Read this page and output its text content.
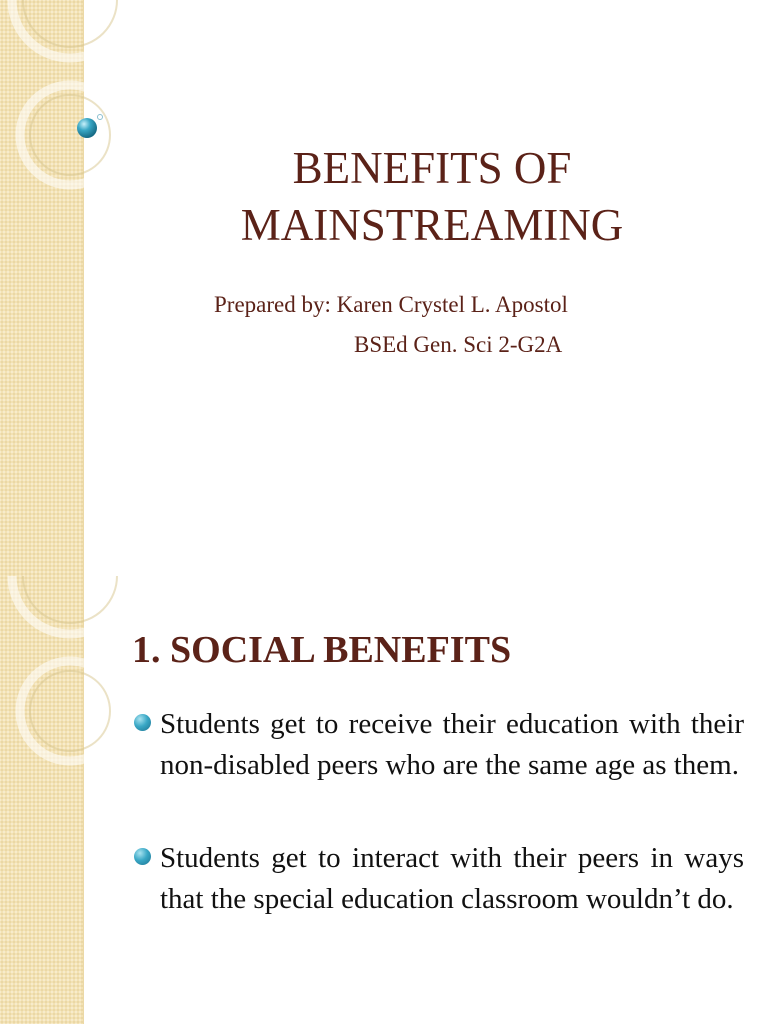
BENEFITS OF MAINSTREAMING
Prepared by: Karen Crystel L. Apostol
BSEd Gen. Sci 2-G2A
1. SOCIAL BENEFITS
Students get to receive their education with their non-disabled peers who are the same age as them.
Students get to interact with their peers in ways that the special education classroom wouldn’t do.
